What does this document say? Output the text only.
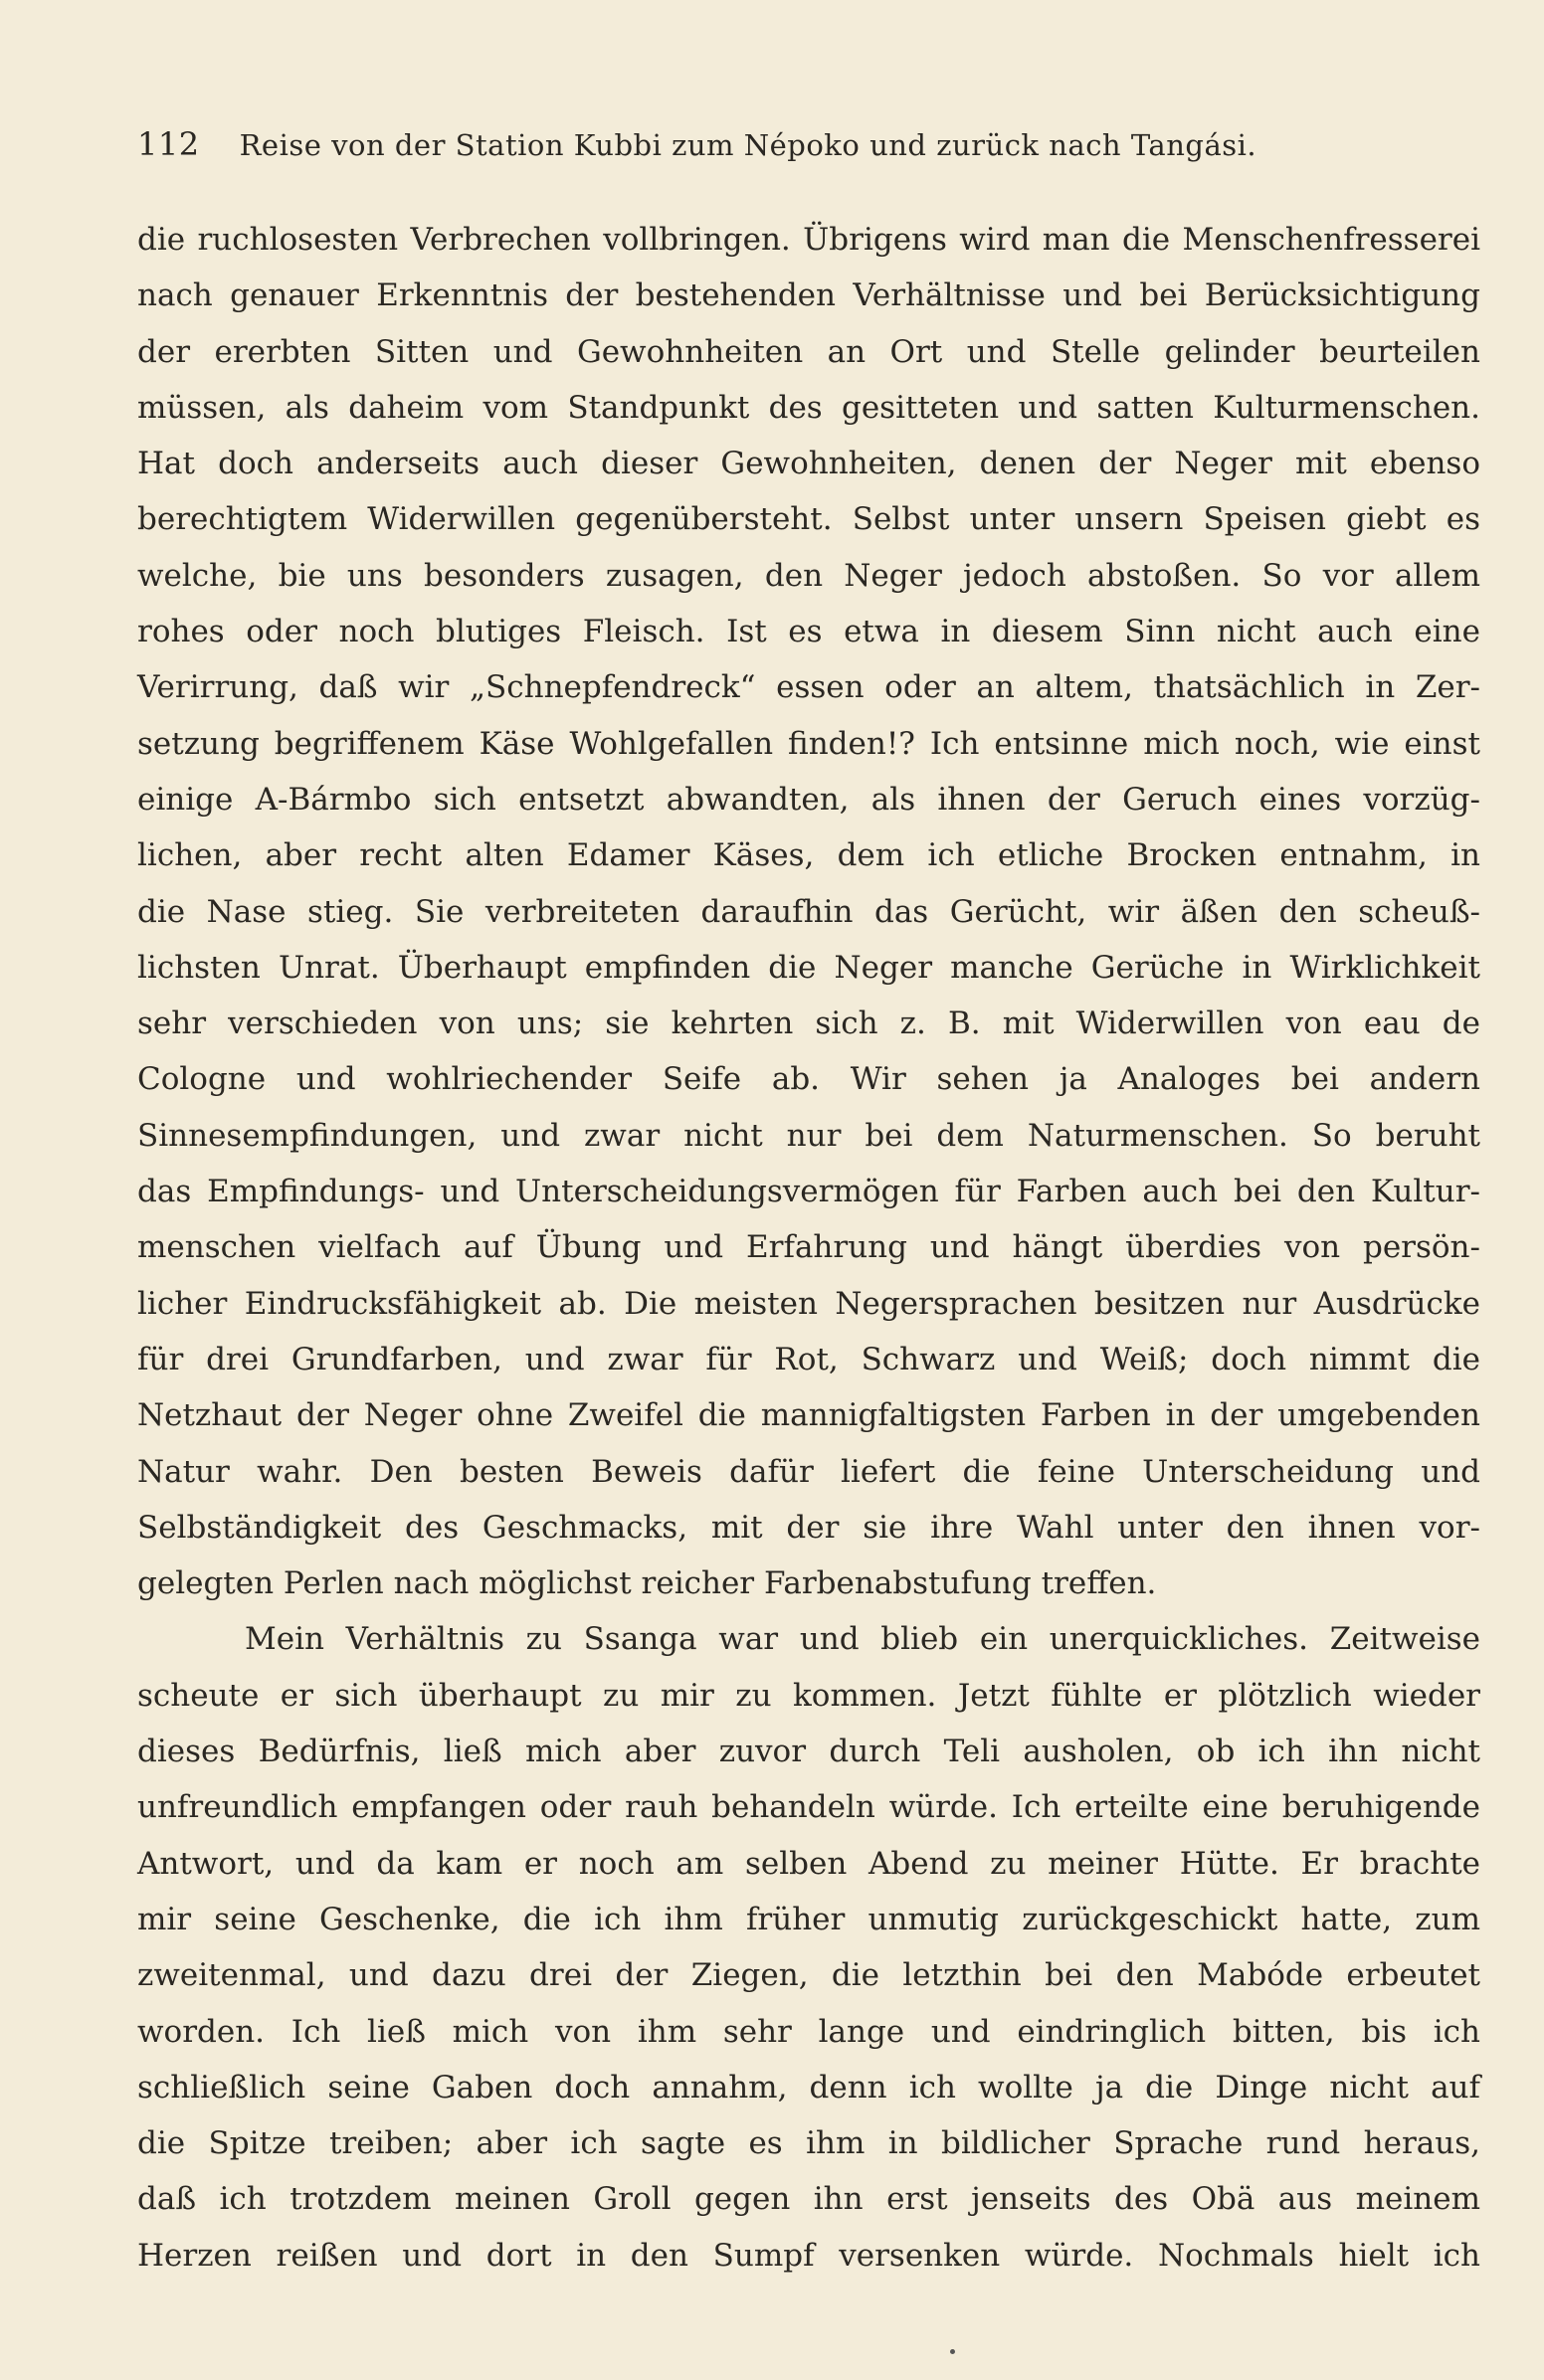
112 Reise von der Station Kubbi zum Népoko und zurück nach Tangási.
die ruchlosesten Verbrechen vollbringen. Übrigens wird man die Menschenfresserei
nach genauer Erkenntnis der bestehenden Verhältnisse und bei Berücksichtigung
der ererbten Sitten und Gewohnheiten an Ort und Stelle gelinder beurteilen
müssen, als daheim vom Standpunkt des gesitteten und satten Kulturmenschen.
Hat doch anderseits auch dieser Gewohnheiten, denen der Neger mit ebenso
berechtigtem Widerwillen gegenübersteht. Selbst unter unsern Speisen giebt es
welche, bie uns besonders zusagen, den Neger jedoch abstoßen. So vor allem
rohes oder noch blutiges Fleisch. Ist es etwa in diesem Sinn nicht auch eine
Verirrung, daß wir „Schnepfendreck“ essen oder an altem, thatsächlich in Zer-
setzung begriffenem Käse Wohlgefallen finden!? Ich entsinne mich noch, wie einst
einige A-Bármbo sich entsetzt abwandten, als ihnen der Geruch eines vorzüg-
lichen, aber recht alten Edamer Käses, dem ich etliche Brocken entnahm, in
die Nase stieg. Sie verbreiteten daraufhin das Gerücht, wir äßen den scheuß-
lichsten Unrat. Überhaupt empfinden die Neger manche Gerüche in Wirklichkeit
sehr verschieden von uns; sie kehrten sich z. B. mit Widerwillen von eau de
Cologne und wohlriechender Seife ab. Wir sehen ja Analoges bei andern
Sinnesempfindungen, und zwar nicht nur bei dem Naturmenschen. So beruht
das Empfindungs- und Unterscheidungsvermögen für Farben auch bei den Kultur-
menschen vielfach auf Übung und Erfahrung und hängt überdies von persön-
licher Eindrucksfähigkeit ab. Die meisten Negersprachen besitzen nur Ausdrücke
für drei Grundfarben, und zwar für Rot, Schwarz und Weiß; doch nimmt die
Netzhaut der Neger ohne Zweifel die mannigfaltigsten Farben in der umgebenden
Natur wahr. Den besten Beweis dafür liefert die feine Unterscheidung und
Selbständigkeit des Geschmacks, mit der sie ihre Wahl unter den ihnen vor-
gelegten Perlen nach möglichst reicher Farbenabstufung treffen.
Mein Verhältnis zu Ssanga war und blieb ein unerquickliches. Zeitweise
scheute er sich überhaupt zu mir zu kommen. Jetzt fühlte er plötzlich wieder
dieses Bedürfnis, ließ mich aber zuvor durch Teli ausholen, ob ich ihn nicht
unfreundlich empfangen oder rauh behandeln würde. Ich erteilte eine beruhigende
Antwort, und da kam er noch am selben Abend zu meiner Hütte. Er brachte
mir seine Geschenke, die ich ihm früher unmutig zurückgeschickt hatte, zum
zweitenmal, und dazu drei der Ziegen, die letzthin bei den Mabóde erbeutet
worden. Ich ließ mich von ihm sehr lange und eindringlich bitten, bis ich
schließlich seine Gaben doch annahm, denn ich wollte ja die Dinge nicht auf
die Spitze treiben; aber ich sagte es ihm in bildlicher Sprache rund heraus,
daß ich trotzdem meinen Groll gegen ihn erst jenseits des Obä aus meinem
Herzen reißen und dort in den Sumpf versenken würde. Nochmals hielt ich
